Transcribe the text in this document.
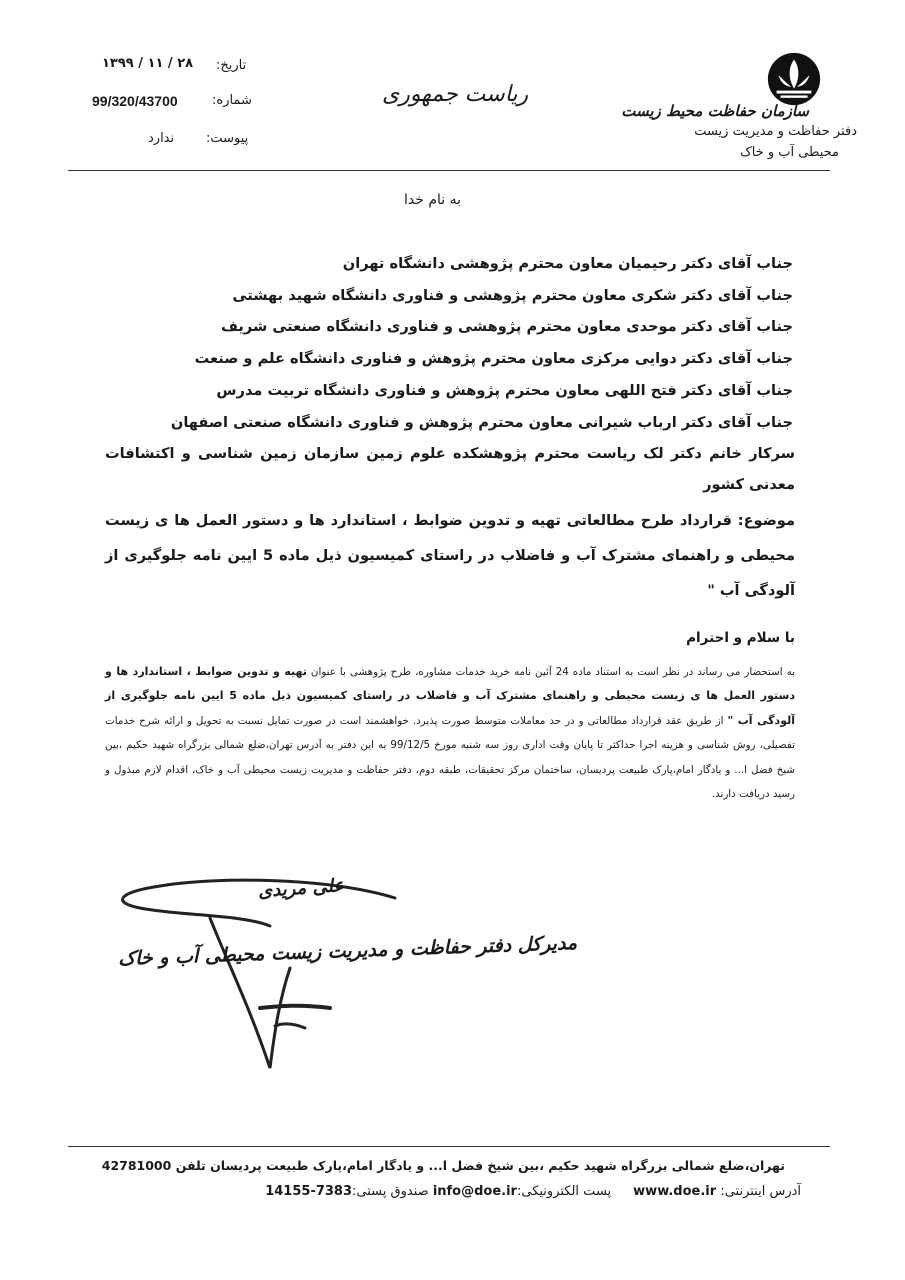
سازمان حفاظت محیط زیست
دفتر حفاظت و مدیریت زیست
محیطی آب و خاک
ریاست جمهوری
تاریخ:
۱۳۹۹ / ۱۱ / ۲۸
شماره:
99/320/43700
پیوست:
ندارد
به نام خدا
جناب آقای دکتر رحیمیان معاون محترم پژوهشی دانشگاه تهران
جناب آقای دکتر شکری معاون محترم پژوهشی و فناوری دانشگاه شهید بهشتی
جناب آقای دکتر موحدی معاون محترم پژوهشی و فناوری دانشگاه صنعتی شریف
جناب آقای دکتر دوایی مرکزی معاون محترم پژوهش و فناوری دانشگاه علم و صنعت
جناب آقای دکتر فتح اللهی معاون محترم پژوهش و فناوری دانشگاه تربیت مدرس
جناب آقای دکتر ارباب شیرانی معاون محترم پژوهش و فناوری دانشگاه صنعتی اصفهان
سرکار خانم دکتر لک ریاست محترم پژوهشکده علوم زمین سازمان زمین شناسی و اکتشافات
معدنی کشور
موضوع: قرارداد طرح مطالعاتی تهیه و تدوین ضوابط ، استاندارد ها و دستور العمل ها ی زیست محیطی و راهنمای مشترک آب و فاضلاب در راستای کمیسیون ذیل ماده 5 ایین نامه جلوگیری از آلودگی آب "
با سلام و احترام
به استحضار می رساند در نظر است به استناد ماده 24 آئین نامه خرید خدمات مشاوره، طرح پژوهشی با عنوان تهیه و تدوین ضوابط ، استاندارد ها و دستور العمل ها ی زیست محیطی و راهنمای مشترک آب و فاضلاب در راستای کمیسیون ذیل ماده 5 ایین نامه جلوگیری از آلودگی آب " از طریق عقد قرارداد مطالعاتی و در حد معاملات متوسط صورت پذیرد. خواهشمند است در صورت تمایل نسبت به تحویل و ارائه شرح خدمات تفصیلی، روش شناسی و هزینه اجرا حداکثر تا پایان وقت اداری روز سه شنبه مورخ 99/12/5 به این دفتر به آدرس تهران،ضلع شمالی بزرگراه شهید حکیم ،بین شیخ فضل ا... و یادگار امام،پارک طبیعت پردیسان، ساختمان مرکز تحقیقات، طبقه دوم، دفتر حفاظت و مدیریت زیست محیطی آب و خاک، اقدام لازم مبذول و رسید دریافت دارند.
علی مریدی
مدیرکل دفتر حفاظت و مدیریت زیست محیطی آب و خاک
تهران،ضلع شمالی بزرگراه شهید حکیم ،بین شیخ فضل ا... و یادگار امام،پارک طبیعت پردیسان تلفن 42781000
آدرس اینترنتی: www.doe.irپست الکترونیکی:info@doe.ir صندوق پستی:7383-14155
